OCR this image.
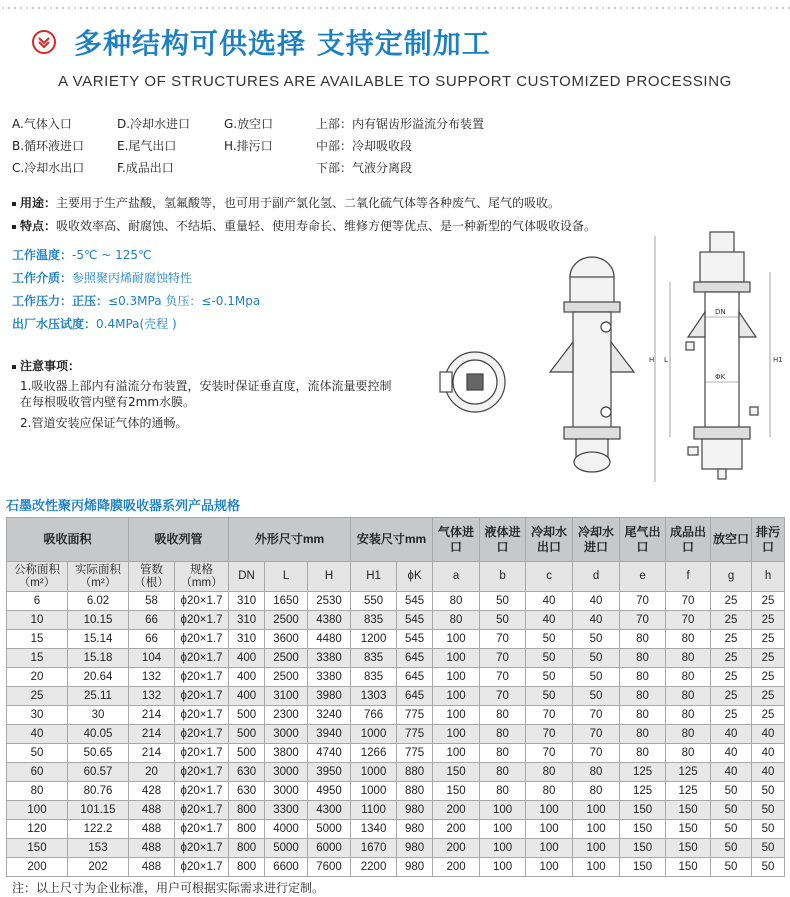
多种结构可供选择 支持定制加工
A VARIETY OF STRUCTURES ARE AVAILABLE TO SUPPORT CUSTOMIZED PROCESSING
A.气体入口	D.冷却水进口	G.放空口	上部：内有锯齿形溢流分布装置
B.循环液进口	E.尾气出口	H.排污口	中部：冷却吸收段
C.冷却水出口	F.成品出口	下部：气液分离段
用途：主要用于生产盐酸，氢氟酸等，也可用于副产氯化氢、二氧化硫气体等各种废气、尾气的吸收。
特点：吸收效率高、耐腐蚀、不结垢、重量轻、使用寿命长、维修方便等优点、是一种新型的气体吸收设备。
工作温度：-5℃ ~ 125℃
工作介质：参照聚丙烯耐腐蚀特性
工作压力：正压：≤0.3MPa 负压：≤-0.1Mpa
出厂水压试度：0.4MPa(壳程 )
注意事项：

1.吸收器上部内有溢流分布装置，安装时保证垂直度，流体流量要控制在每根吸收管内壁有2mm水膜。

2.管道安装应保证气体的通畅。

DN
ΦK
H L	H1
石墨改性聚丙烯降膜吸收器系列产品规格
吸收面积		吸收列管		外形尺寸mm			安装尺寸mm		气体进口	液体进口	冷却水出口	冷却水进口	尾气出口	成品出口	放空口	排污口
公称面积（m²）	实际面积（m²）	管数（根）	规格（mm）	DN	L	H	H1	ϕK	a	b	c	d	e	f	g	h
6	6.02	58	ϕ20×1.7	310	1650	2530	550	545	80	50	40	40	70	70	25	25
10	10.15	66	ϕ20×1.7	310	2500	4380	835	545	80	50	40	40	70	70	25	25
15	15.14	66	ϕ20×1.7	310	3600	4480	1200	545	100	70	50	50	80	80	25	25
15	15.18	104	ϕ20×1.7	400	2500	3380	835	645	100	70	50	50	80	80	25	25
20	20.64	132	ϕ20×1.7	400	2500	3380	835	645	100	70	50	50	80	80	25	25
25	25.11	132	ϕ20×1.7	400	3100	3980	1303	645	100	70	50	50	80	80	25	25
30	30	214	ϕ20×1.7	500	2300	3240	766	775	100	80	70	70	80	80	25	25
40	40.05	214	ϕ20×1.7	500	3000	3940	1000	775	100	80	70	70	80	80	40	40
50	50.65	214	ϕ20×1.7	500	3800	4740	1266	775	100	80	70	70	80	80	40	40
60	60.57	20	ϕ20×1.7	630	3000	3950	1000	880	150	80	80	80	125	125	40	40
80	80.76	428	ϕ20×1.7	630	3000	4950	1000	880	150	80	80	80	125	125	50	50
100	101.15	488	ϕ20×1.7	800	3300	4300	1100	980	200	100	100	100	150	150	50	50
120	122.2	488	ϕ20×1.7	800	4000	5000	1340	980	200	100	100	100	150	150	50	50
150	153	488	ϕ20×1.7	800	5000	6000	1670	980	200	100	100	100	150	150	50	50
200	202	488	ϕ20×1.7	800	6600	7600	2200	980	200	100	100	100	150	150	50	50
注：以上尺寸为企业标准，用户可根据实际需求进行定制。
